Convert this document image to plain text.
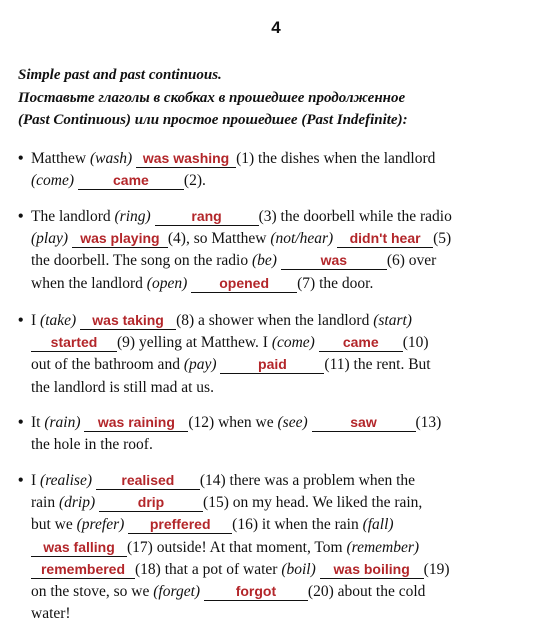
4
Simple past and past continuous.
Поставьте глаголы в скобках в прошедшее продолженное
(Past Continuous) или простое прошедшее (Past Indefinite):
• Matthew (wash) was washing (1) the dishes when the landlord
(come)	came (2).
• The landlord (ring)	rang (3) the doorbell while the radio
(play) was playing (4), so Matthew (not/hear) didn't hear (5)
the doorbell. The song on the radio (be)	was	(6) over
when the landlord (open) opened (7) the door.
• I (take) was taking (8) a shower when the landlord (start)
started (9) yelling at Matthew. I (come) came (10)
out of the bathroom and (pay)	paid (11) the rent. But
the landlord is still mad at us.
• It (rain) was raining (12) when we (see)	saw	(13)
the hole in the roof.
• I (realise) realised (14) there was a problem when the
rain (drip)	drip	(15) on my head. We liked the rain,
but we (prefer) preffered (16) it when the rain (fall)
was falling (17) outside! At that moment, Tom (remember)
remembered (18) that a pot of water (boil) was boiling (19)
on the stove, so we (forget)	forgot (20) about the cold
water!
